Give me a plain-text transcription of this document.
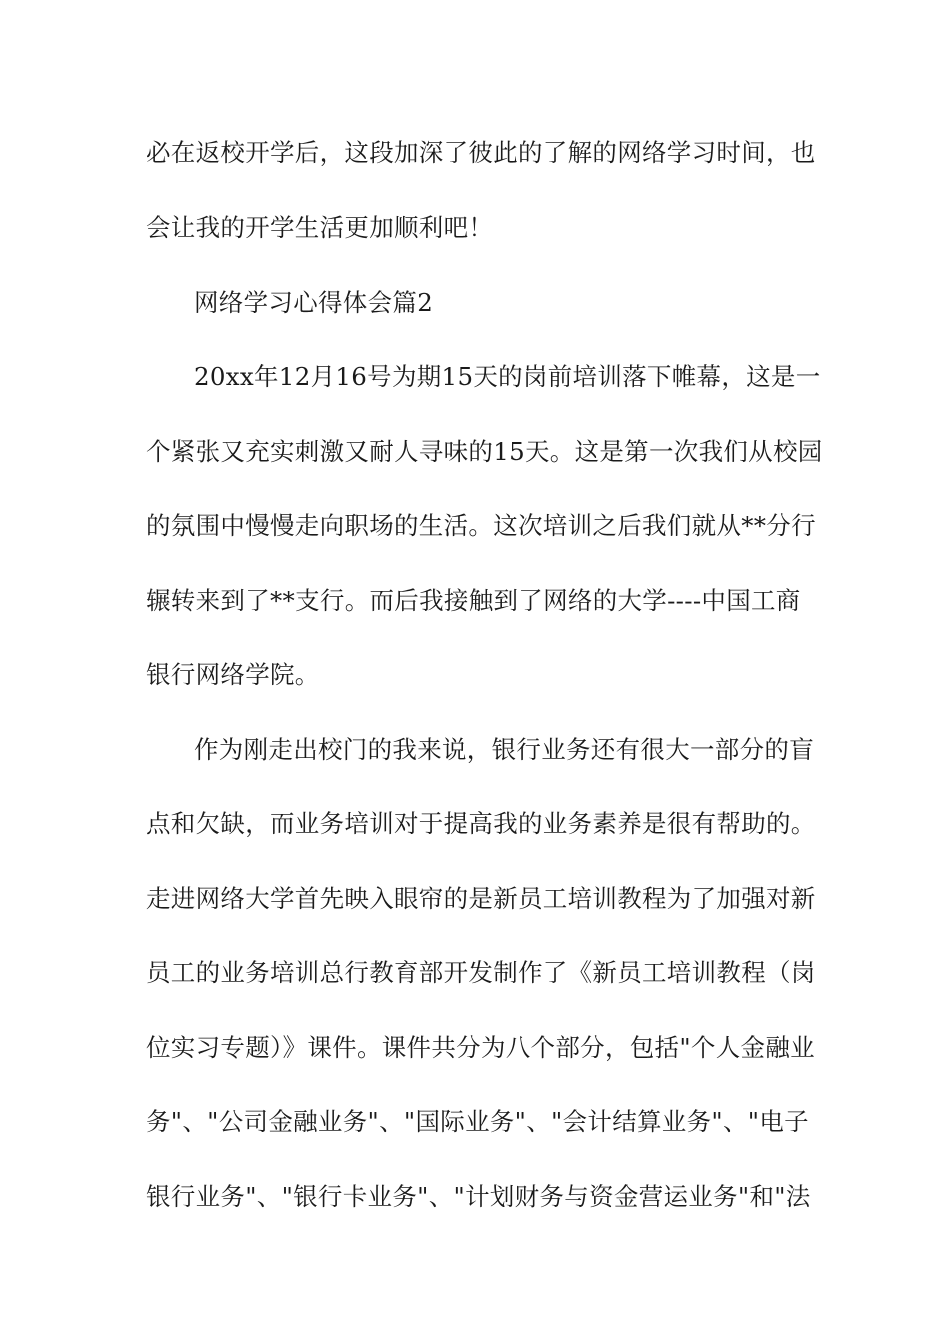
必在返校开学后，这段加深了彼此的了解的网络学习时间，也
会让我的开学生活更加顺利吧！
网络学习心得体会篇2
20xx年12月16号为期15天的岗前培训落下帷幕，这是一
个紧张又充实刺激又耐人寻味的15天。这是第一次我们从校园
的氛围中慢慢走向职场的生活。这次培训之后我们就从**分行
辗转来到了**支行。而后我接触到了网络的大学----中国工商
银行网络学院。
作为刚走出校门的我来说，银行业务还有很大一部分的盲
点和欠缺，而业务培训对于提高我的业务素养是很有帮助的。
走进网络大学首先映入眼帘的是新员工培训教程为了加强对新
员工的业务培训总行教育部开发制作了《新员工培训教程（岗
位实习专题）》课件。课件共分为八个部分，包括"个人金融业
务"、"公司金融业务"、"国际业务"、"会计结算业务"、"电子
银行业务"、"银行卡业务"、"计划财务与资金营运业务"和"法
